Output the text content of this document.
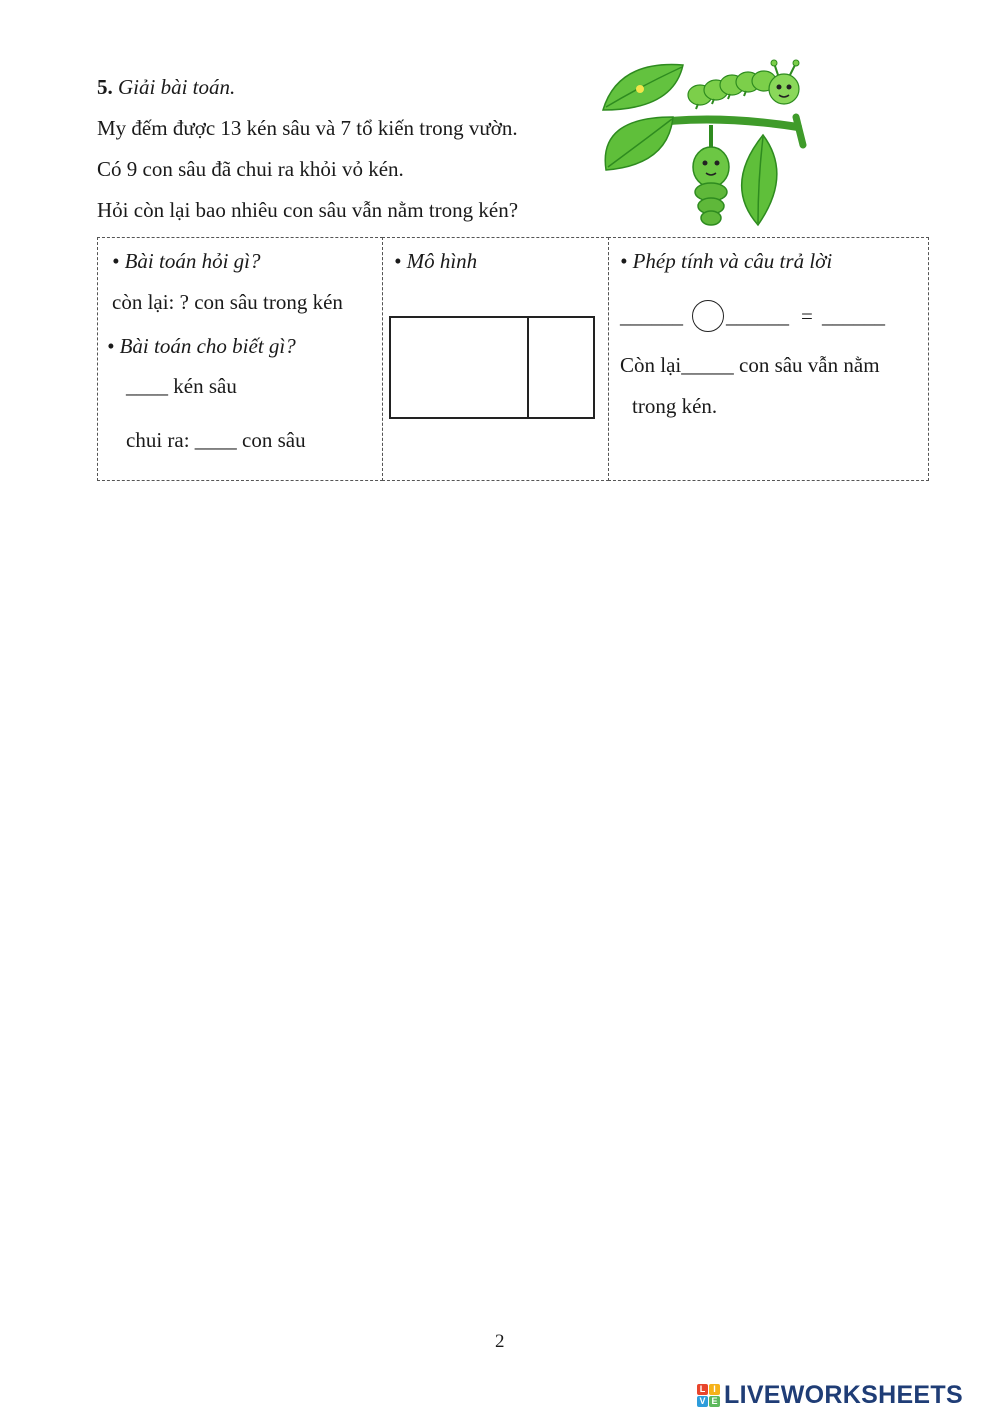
5. Giải bài toán.
My đếm được 13 kén sâu và 7 tổ kiến trong vườn.
Có 9 con sâu đã chui ra khỏi vỏ kén.
Hỏi còn lại bao nhiêu con sâu vẫn nằm trong kén?
• Bài toán hỏi gì?
còn lại: ? con sâu trong kén
• Bài toán cho biết gì?
____ kén sâu
chui ra: ____ con sâu
• Mô hình	• Phép tính và câu trả lời
______ ______ = ______
Còn lại_____ con sâu vẫn nằm
trong kén.
2
L I
V E LIVEWORKSHEETS
